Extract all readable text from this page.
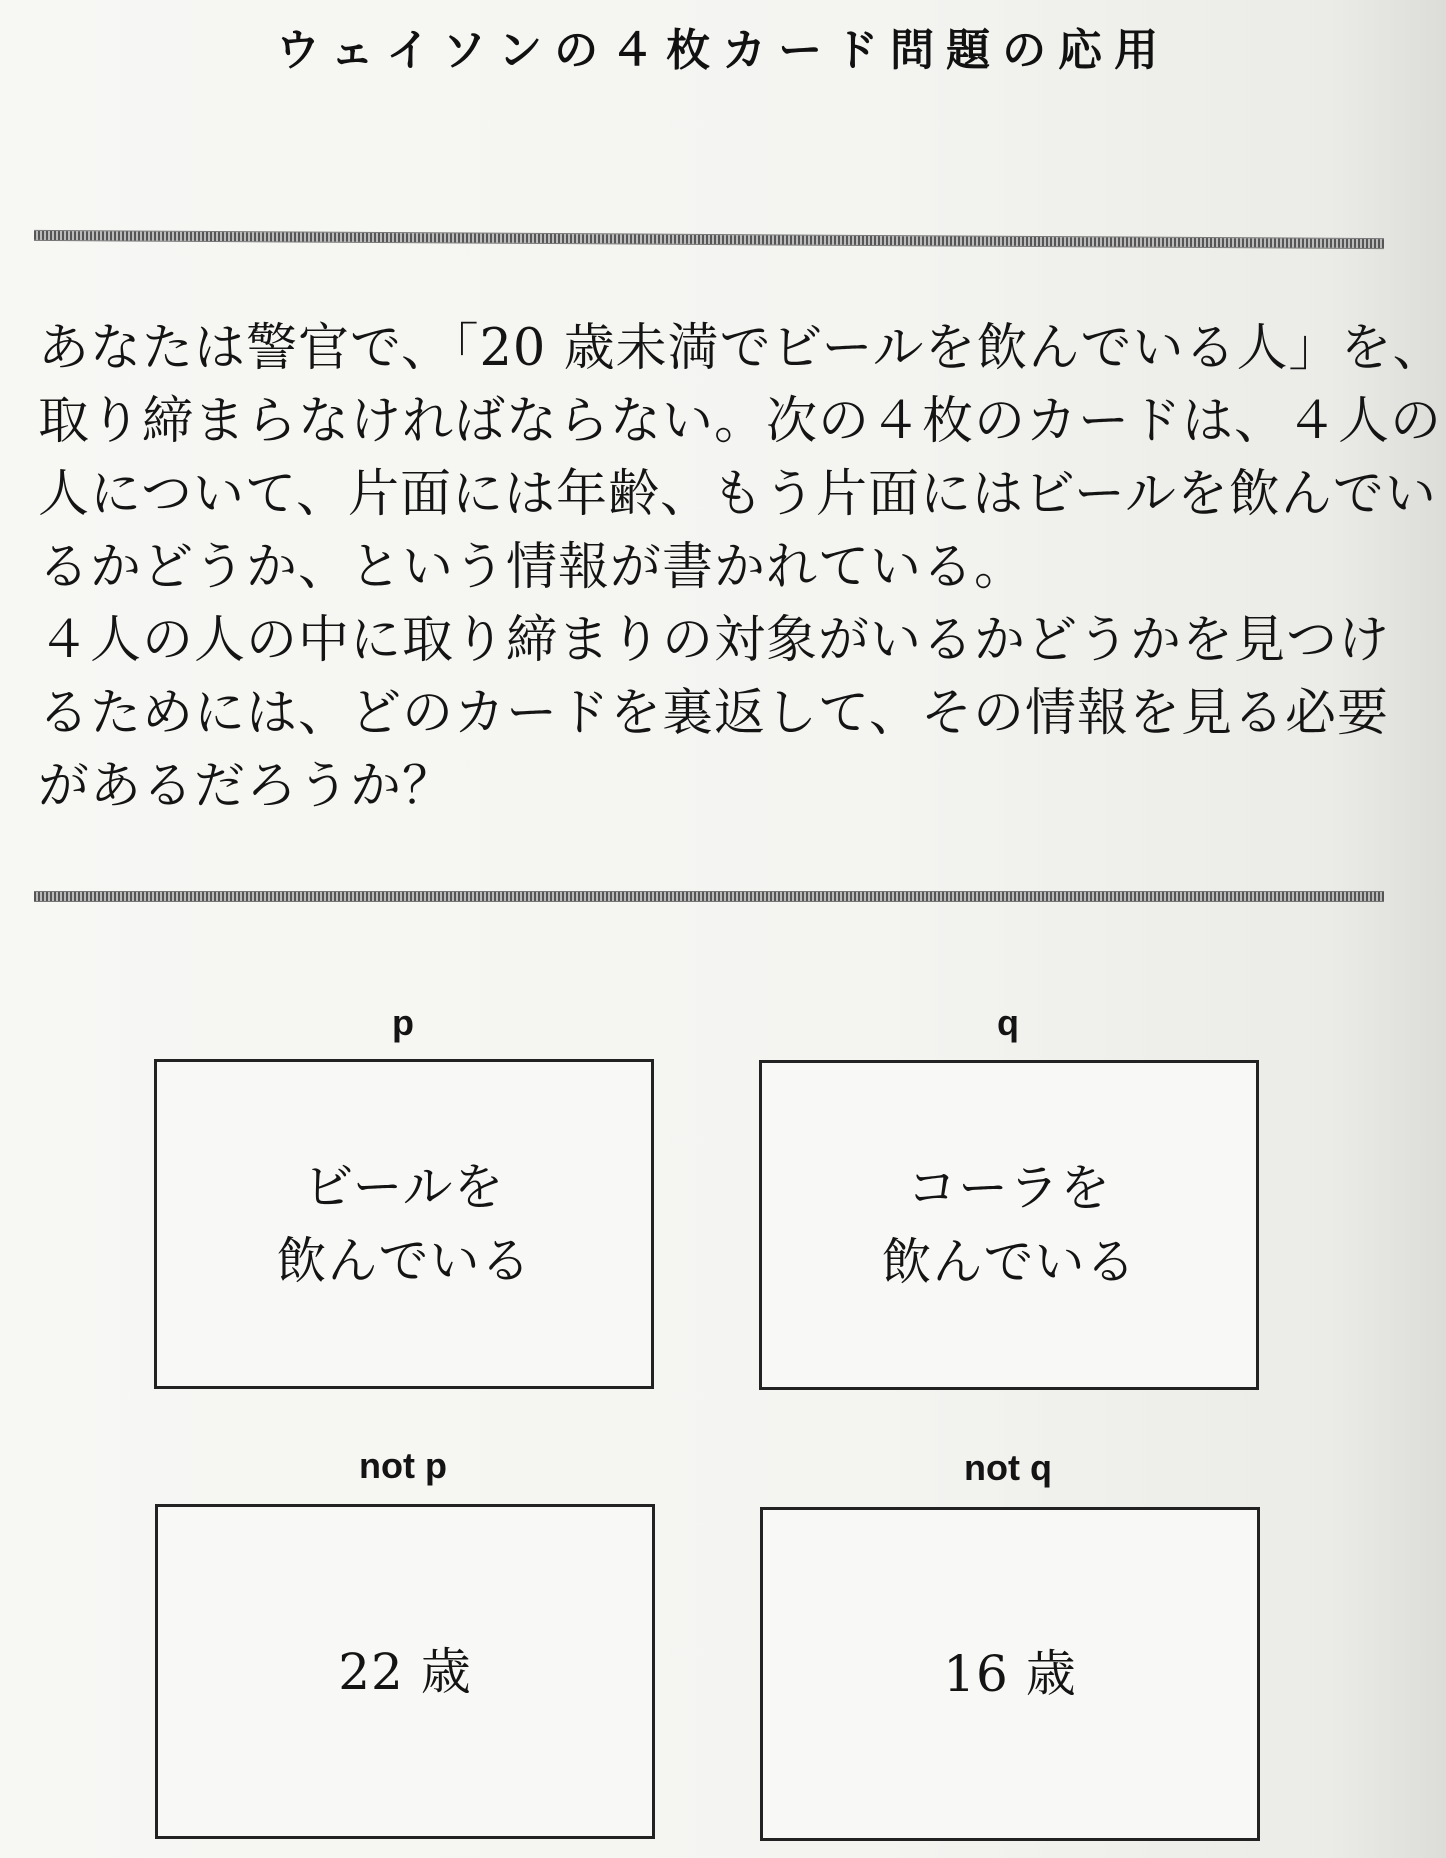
ウェイソンの４枚カード問題の応用

あなたは警官で、「20 歳未満でビールを飲んでいる人」を、

取り締まらなければならない。次の４枚のカードは、４人の

人について、片面には年齢、もう片面にはビールを飲んでい

るかどうか、という情報が書かれている。

４人の人の中に取り締まりの対象がいるかどうかを見つけ

るためには、どのカードを裏返して、その情報を見る必要

があるだろうか？

p
ビールを
飲んでいる
q
コーラを
飲んでいる
not p
22 歳
not q
16 歳
